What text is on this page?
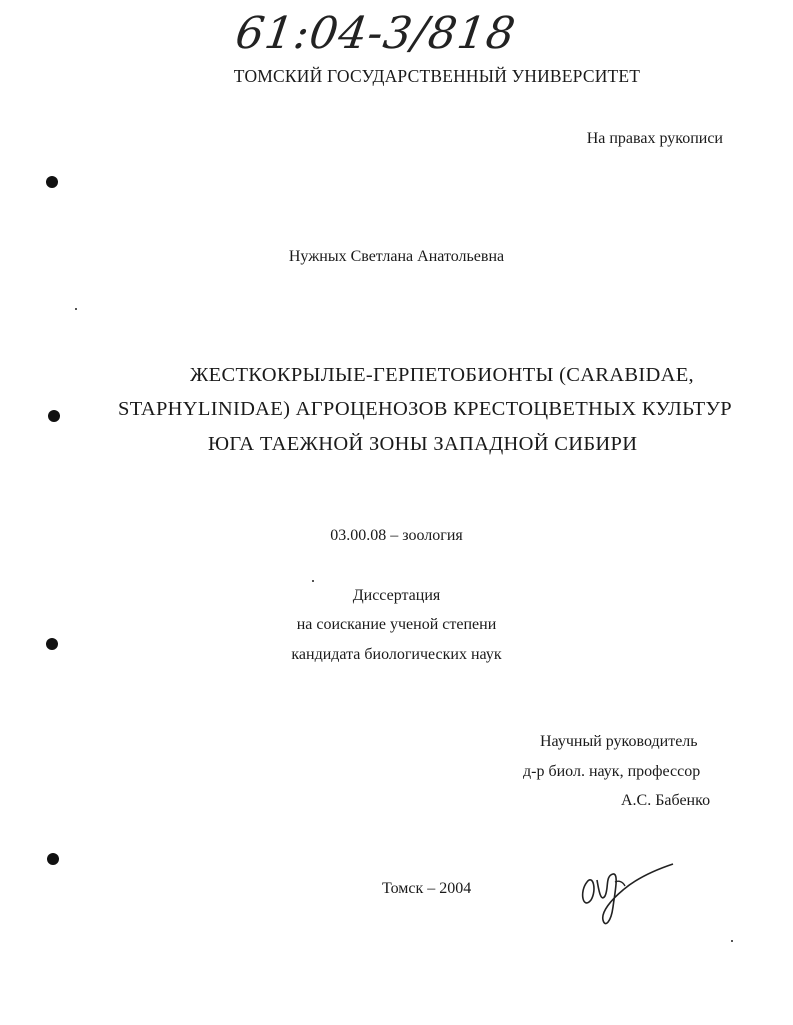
61:04-3/818
ТОМСКИЙ ГОСУДАРСТВЕННЫЙ УНИВЕРСИТЕТ
На правах рукописи
Нужных Светлана Анатольевна
ЖЕСТКОКРЫЛЫЕ-ГЕРПЕТОБИОНТЫ (CARABIDAE,
STAPHYLINIDAE) АГРОЦЕНОЗОВ КРЕСТОЦВЕТНЫХ КУЛЬТУР
ЮГА ТАЕЖНОЙ ЗОНЫ ЗАПАДНОЙ СИБИРИ
03.00.08 – зоология
Диссертация
на соискание ученой степени
кандидата биологических наук
Научный руководитель
д-р биол. наук, профессор
А.С. Бабенко
Томск – 2004
